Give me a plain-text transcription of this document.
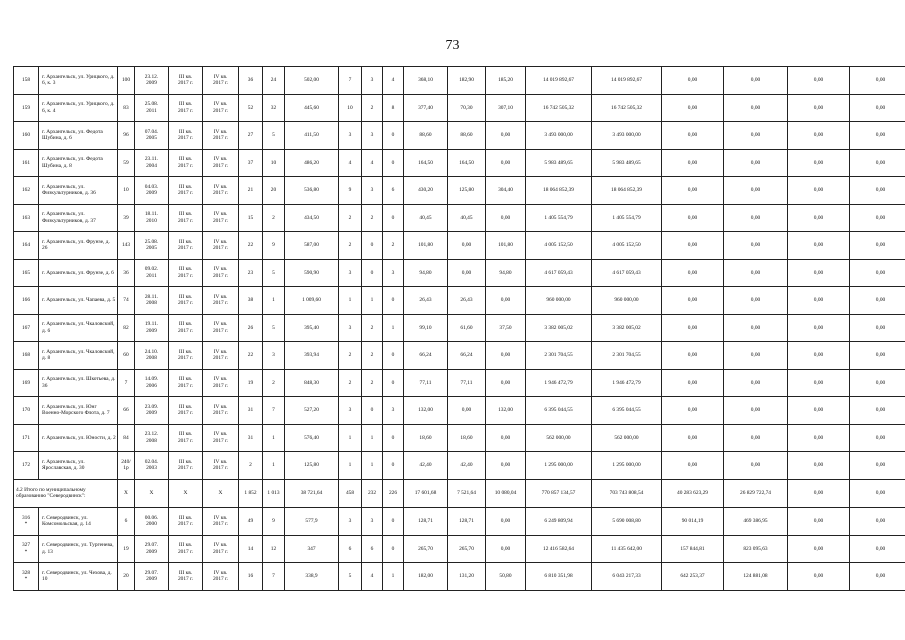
73
158	г. Архангельск, ул. Урицкого, д. 6, к. 3	100	23.12.
2009	III кв.
2017 г.	IV кв.
2017 г.	36	24	502,00	7	3	4	368,10	182,90	185,20	14 019 892,67	14 019 892,67	0,00	0,00	0,00	0,00
159	г. Архангельск, ул. Урицкого, д. 6, к. 4	83	25.08.
2011	III кв.
2017 г.	IV кв.
2017 г.	52	32	445,60	10	2	8	377,40	70,30	307,10	16 742 505,32	16 742 505,32	0,00	0,00	0,00	0,00
160	г. Архангельск, ул. Федота Шубина, д. 6	96	07.04.
2005	III кв.
2017 г.	IV кв.
2017 г.	27	5	411,50	3	3	0	88,60	88,60	0,00	3 493 000,00	3 493 000,00	0,00	0,00	0,00	0,00
161	г. Архангельск, ул. Федота Шубина, д. 8	59	23.11.
2004	III кв.
2017 г.	IV кв.
2017 г.	37	10	486,20	4	4	0	164,50	164,50	0,00	5 983 489,65	5 983 489,65	0,00	0,00	0,00	0,00
162	г. Архангельск, ул. Физкультурников, д. 36	10	04.03.
2009	III кв.
2017 г.	IV кв.
2017 г.	21	20	536,80	9	3	6	430,20	125,80	304,40	18 064 852,39	18 064 852,39	0,00	0,00	0,00	0,00
163	г. Архангельск, ул. Физкультурников, д. 37	39	18.11.
2010	III кв.
2017 г.	IV кв.
2017 г.	15	2	434,50	2	2	0	40,45	40,45	0,00	1 405 554,79	1 405 554,79	0,00	0,00	0,00	0,00
164	г. Архангельск, ул. Фрунзе, д. 26	143	25.08.
2005	III кв.
2017 г.	IV кв.
2017 г.	22	9	587,00	2	0	2	101,80	0,00	101,80	4 005 152,50	4 005 152,50	0,00	0,00	0,00	0,00
165	г. Архангельск, ул. Фрунзе, д. 6	36	09.02.
2011	III кв.
2017 г.	IV кв.
2017 г.	23	5	590,90	3	0	3	94,80	0,00	94,80	4 617 059,43	4 617 059,43	0,00	0,00	0,00	0,00
166	г. Архангельск, ул. Чапаева, д. 5	74	28.11.
2008	III кв.
2017 г.	IV кв.
2017 г.	38	1	1 009,60	1	1	0	26,43	26,43	0,00	960 000,00	960 000,00	0,00	0,00	0,00	0,00
167	г. Архангельск, ул. Чкаловский, д. 6	82	19.11.
2009	III кв.
2017 г.	IV кв.
2017 г.	26	5	395,40	3	2	1	99,10	61,60	37,50	3 382 005,02	3 382 005,02	0,00	0,00	0,00	0,00
168	г. Архангельск, ул. Чкаловский, д. 8	60	24.10.
2008	III кв.
2017 г.	IV кв.
2017 г.	22	3	393,94	2	2	0	66,24	66,24	0,00	2 301 704,55	2 301 704,55	0,00	0,00	0,00	0,00
169	г. Архангельск, ул. Шкотьева, д. 36	7	14.09.
2006	III кв.
2017 г.	IV кв.
2017 г.	19	2	848,30	2	2	0	77,11	77,11	0,00	1 946 472,79	1 946 472,79	0,00	0,00	0,00	0,00
170	г. Архангельск, ул. Юнг Военно-Морского Флота, д. 7	66	23.09.
2009	III кв.
2017 г.	IV кв.
2017 г.	31	7	527,20	3	0	3	132,00	0,00	132,00	6 395 044,55	6 395 044,55	0,00	0,00	0,00	0,00
171	г. Архангельск, ул. Юности, д. 2	84	23.12.
2008	III кв.
2017 г.	IV кв.
2017 г.	31	1	576,40	1	1	0	18,60	18,60	0,00	562 000,00	562 000,00	0,00	0,00	0,00	0,00
172	г. Архангельск, ул. Ярославская, д. 30	240/
1р	02.04.
2003	III кв.
2017 г.	IV кв.
2017 г.	2	1	125,80	1	1	0	42,40	42,40	0,00	1 295 000,00	1 295 000,00	0,00	0,00	0,00	0,00
4.2 Итого по муниципальному образованию "Северодвинск":		X	X	X	X	1 852	1 013	38 721,64	458	232	226	17 601,68	7 521,64	10 080,04	770 857 134,57	703 743 808,54	40 283 623,29	26 829 722,74	0,00	0,00
316
*	г. Северодвинск, ул. Комсомольская, д. 14	6	00.06.
2000	III кв.
2017 г.	IV кв.
2017 г.	49	9	577,9	3	3	0	128,71	128,71	0,00	6 249 809,94	5 690 008,80	90 014,19	469 386,95	0,00	0,00
327
*	г. Северодвинск, ул. Тургенева, д. 13	19	29.07.
2009	III кв.
2017 г.	IV кв.
2017 г.	14	12	347	6	6	0	265,70	265,70	0,00	12 416 582,64	11 435 642,00	157 844,81	823 095,63	0,00	0,00
328
*	г. Северодвинск, ул. Чехова, д. 10	20	29.07.
2009	III кв.
2017 г.	IV кв.
2017 г.	16	7	338,9	5	4	1	182,00	131,20	50,80	6 810 351,98	6 043 217,33	642 253,37	124 881,08	0,00	0,00
